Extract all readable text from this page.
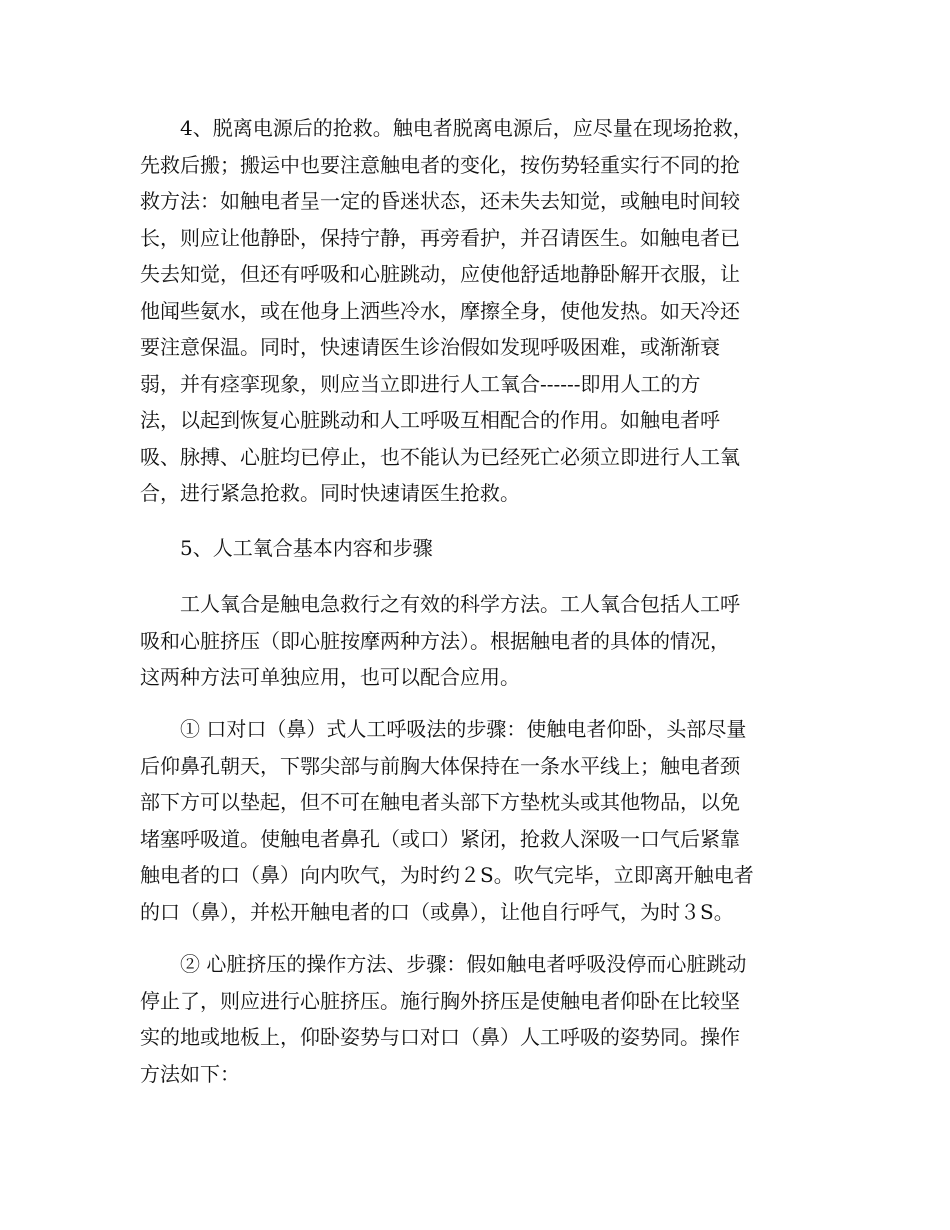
　　4、脱离电源后的抢救。触电者脱离电源后，应尽量在现场抢救，
先救后搬；搬运中也要注意触电者的变化，按伤势轻重实行不同的抢
救方法：如触电者呈一定的昏迷状态，还未失去知觉，或触电时间较
长，则应让他静卧，保持宁静，再旁看护，并召请医生。如触电者已
失去知觉，但还有呼吸和心脏跳动，应使他舒适地静卧解开衣服，让
他闻些氨水，或在他身上洒些冷水，摩擦全身，使他发热。如天冷还
要注意保温。同时，快速请医生诊治假如发现呼吸困难，或渐渐衰
弱，并有痉挛现象，则应当立即进行人工氧合------即用人工的方
法，以起到恢复心脏跳动和人工呼吸互相配合的作用。如触电者呼
吸、脉搏、心脏均已停止，也不能认为已经死亡必须立即进行人工氧
合，进行紧急抢救。同时快速请医生抢救。
　　5、人工氧合基本内容和步骤
　　工人氧合是触电急救行之有效的科学方法。工人氧合包括人工呼
吸和心脏挤压（即心脏按摩两种方法）。根据触电者的具体的情况，
这两种方法可单独应用，也可以配合应用。
　　① 口对口（鼻）式人工呼吸法的步骤：使触电者仰卧，头部尽量
后仰鼻孔朝天，下鄂尖部与前胸大体保持在一条水平线上；触电者颈
部下方可以垫起，但不可在触电者头部下方垫枕头或其他物品，以免
堵塞呼吸道。使触电者鼻孔（或口）紧闭，抢救人深吸一口气后紧靠
触电者的口（鼻）向内吹气，为时约２S。吹气完毕，立即离开触电者
的口（鼻），并松开触电者的口（或鼻），让他自行呼气，为时３S。
　　② 心脏挤压的操作方法、步骤：假如触电者呼吸没停而心脏跳动
停止了，则应进行心脏挤压。施行胸外挤压是使触电者仰卧在比较坚
实的地或地板上，仰卧姿势与口对口（鼻）人工呼吸的姿势同。操作
方法如下：
